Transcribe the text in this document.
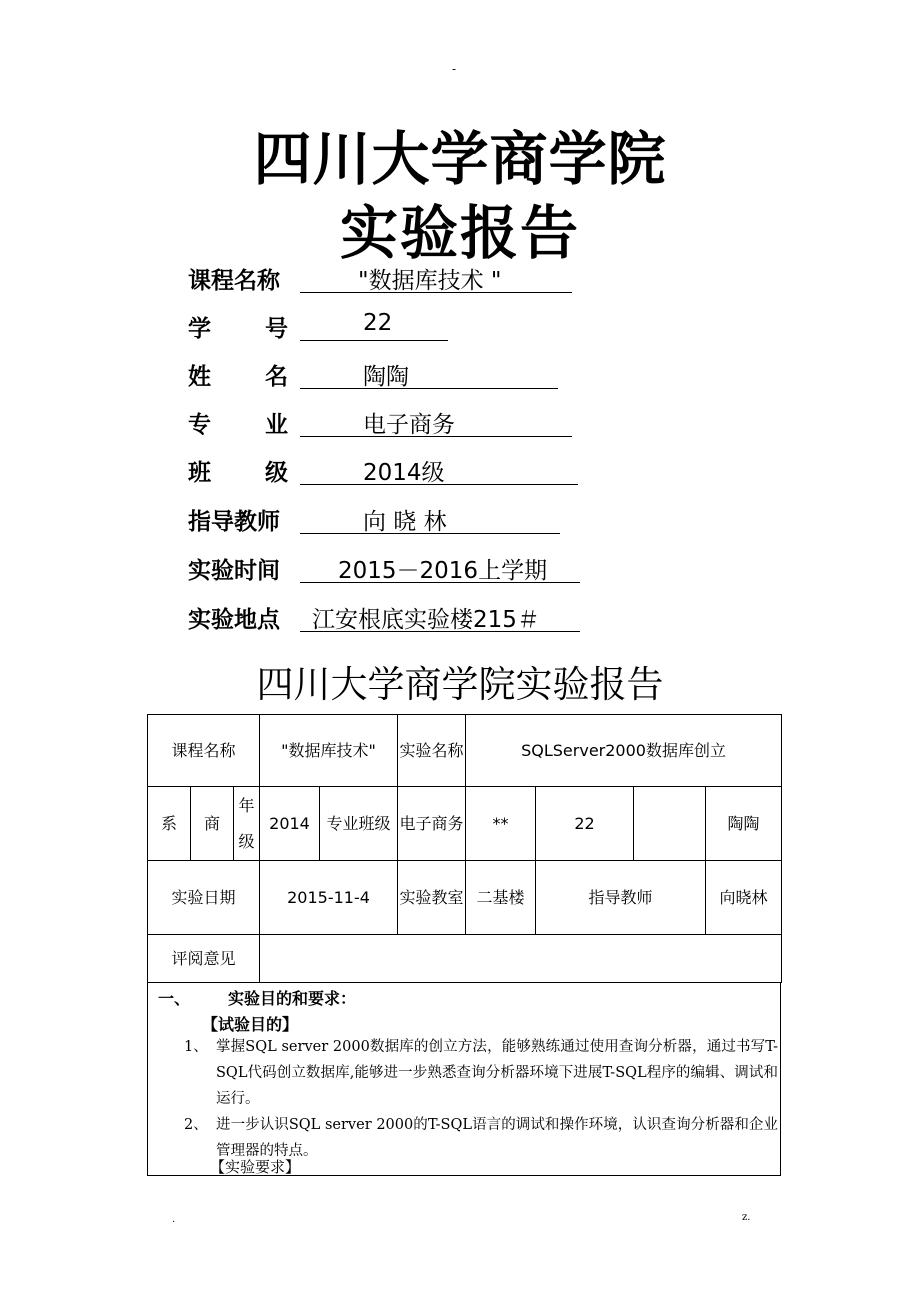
-
四川大学商学院
实验报告
课程名称	"数据库技术 "
学 号	22
姓 名	陶陶
专 业	电子商务
班 级	2014级
指导教师	向 晓 林
实验时间	2015－2016上学期
实验地点	江安根底实验楼215＃
四川大学商学院实验报告
课程名称			"数据库技术"		实验名称	SQLServer2000数据库创立			
系	商	年级	2014	专业班级	电子商务	**	22		陶陶
实验日期			2015-11-4		实验教室	二基楼	指导教师		向晓林
评阅意见									
一、 实验目的和要求：
【试验目的】
1、 掌握SQL server 2000数据库的创立方法，能够熟练通过使用查询分析器，通过书写T-SQL代码创立数据库,能够进一步熟悉查询分析器环境下进展T-SQL程序的编辑、调试和运行。
2、 进一步认识SQL server 2000的T-SQL语言的调试和操作环境，认识查询分析器和企业管理器的特点。
【实验要求】
.	z.
